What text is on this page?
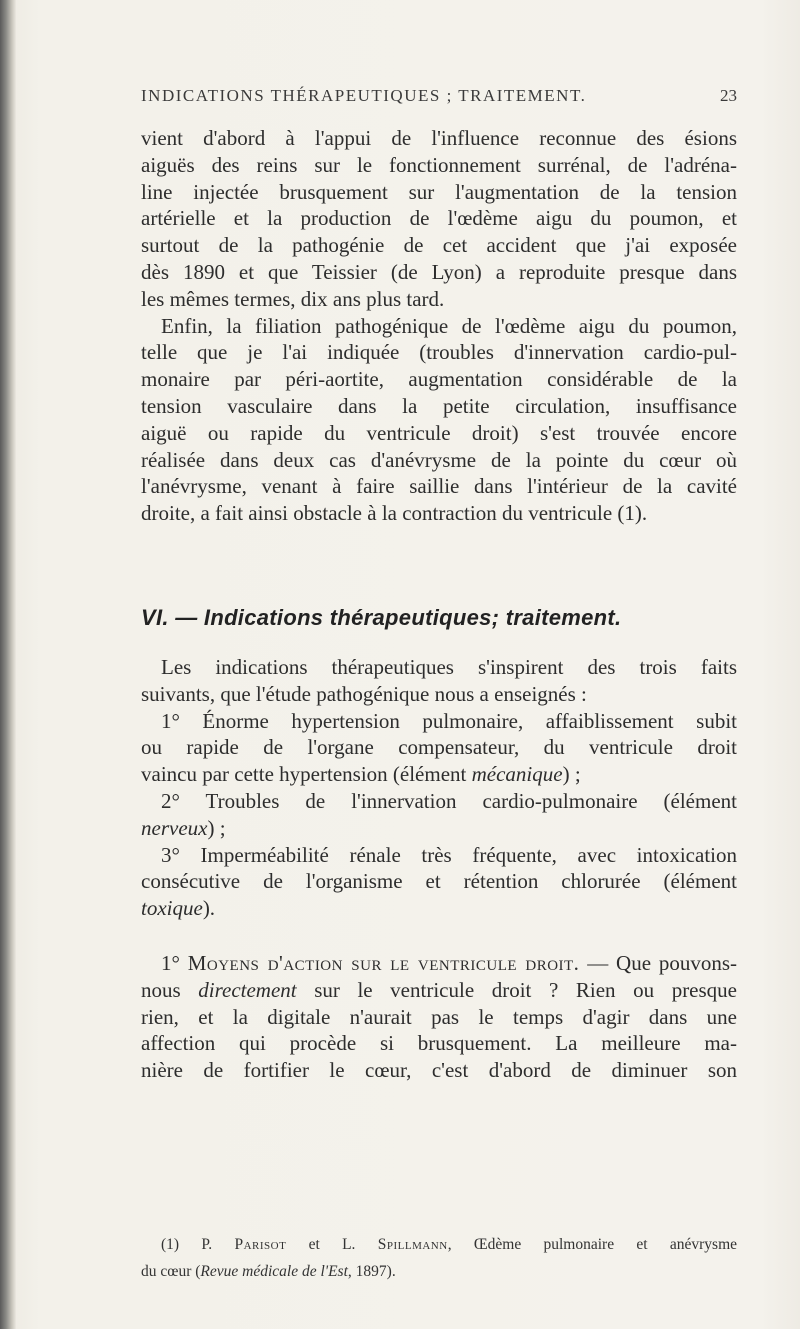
INDICATIONS THÉRAPEUTIQUES ; TRAITEMENT.	23
vient d'abord à l'appui de l'influence reconnue des ésions
aiguës des reins sur le fonctionnement surrénal, de l'adréna-
line injectée brusquement sur l'augmentation de la tension
artérielle et la production de l'œdème aigu du poumon, et
surtout de la pathogénie de cet accident que j'ai exposée
dès 1890 et que Teissier (de Lyon) a reproduite presque dans
les mêmes termes, dix ans plus tard.
Enfin, la filiation pathogénique de l'œdème aigu du poumon,
telle que je l'ai indiquée (troubles d'innervation cardio-pul-
monaire par péri-aortite, augmentation considérable de la
tension vasculaire dans la petite circulation, insuffisance
aiguë ou rapide du ventricule droit) s'est trouvée encore
réalisée dans deux cas d'anévrysme de la pointe du cœur où
l'anévrysme, venant à faire saillie dans l'intérieur de la cavité
droite, a fait ainsi obstacle à la contraction du ventricule (1).
VI. — Indications thérapeutiques; traitement.
Les indications thérapeutiques s'inspirent des trois faits
suivants, que l'étude pathogénique nous a enseignés :
1° Énorme hypertension pulmonaire, affaiblissement subit
ou rapide de l'organe compensateur, du ventricule droit
vaincu par cette hypertension (élément mécanique) ;
2° Troubles de l'innervation cardio-pulmonaire (élément
nerveux) ;
3° Imperméabilité rénale très fréquente, avec intoxication
consécutive de l'organisme et rétention chlorurée (élément
toxique).
1° Moyens d'action sur le ventricule droit. — Que pouvons-
nous directement sur le ventricule droit ? Rien ou presque
rien, et la digitale n'aurait pas le temps d'agir dans une
affection qui procède si brusquement. La meilleure ma-
nière de fortifier le cœur, c'est d'abord de diminuer son
(1) P. Parisot et L. Spillmann, Œdème pulmonaire et anévrysme
du cœur (Revue médicale de l'Est, 1897).
